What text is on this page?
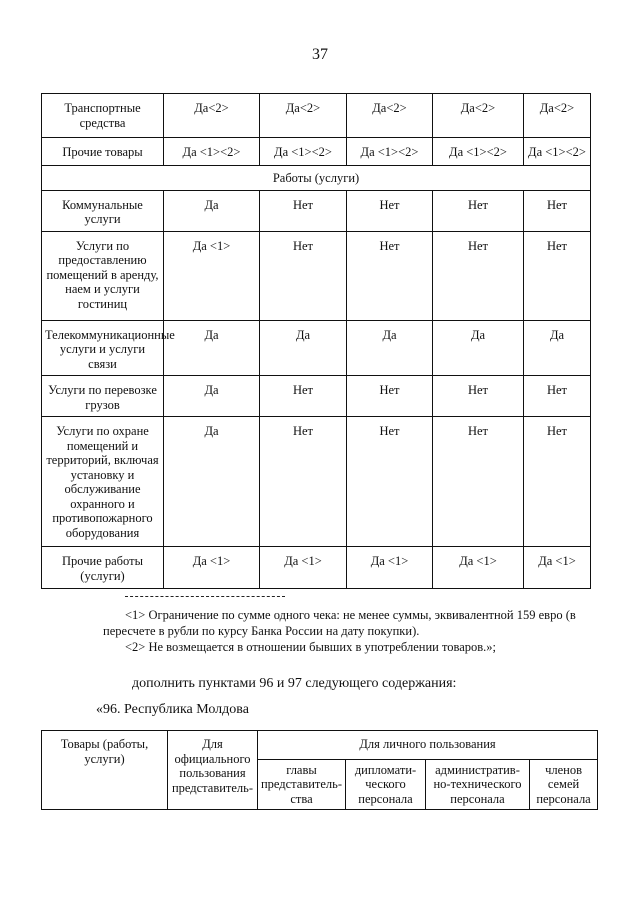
37
Транспортные средства	Да<2>	Да<2>	Да<2>	Да<2>	Да<2>
Прочие товары	Да <1><2>	Да <1><2>	Да <1><2>	Да <1><2>	Да <1><2>
Работы (услуги)					
Коммунальные услуги	Да	Нет	Нет	Нет	Нет
Услуги по предоставлению помещений в аренду, наем и услуги гостиниц	Да <1>	Нет	Нет	Нет	Нет
Телекоммуникационные услуги и услуги связи	Да	Да	Да	Да	Да
Услуги по перевозке грузов	Да	Нет	Нет	Нет	Нет
Услуги по охране помещений и территорий, включая установку и обслуживание охранного и противопожарного оборудования	Да	Нет	Нет	Нет	Нет
Прочие работы (услуги)	Да <1>	Да <1>	Да <1>	Да <1>	Да <1>

<1> Ограничение по сумме одного чека: не менее суммы, эквивалентной 159 евро (в пересчете в рубли по курсу Банка России на дату покупки).

<2> Не возмещается в отношении бывших в употреблении товаров.»;

дополнить пунктами 96 и 97 следующего содержания:
«96. Республика Молдова
Товары (работы, услуги)	Для официального пользования представитель-	Для личного пользования			
		главы представитель-ства	дипломати-ческого персонала	административ-но-технического персонала	членов семей персонала
